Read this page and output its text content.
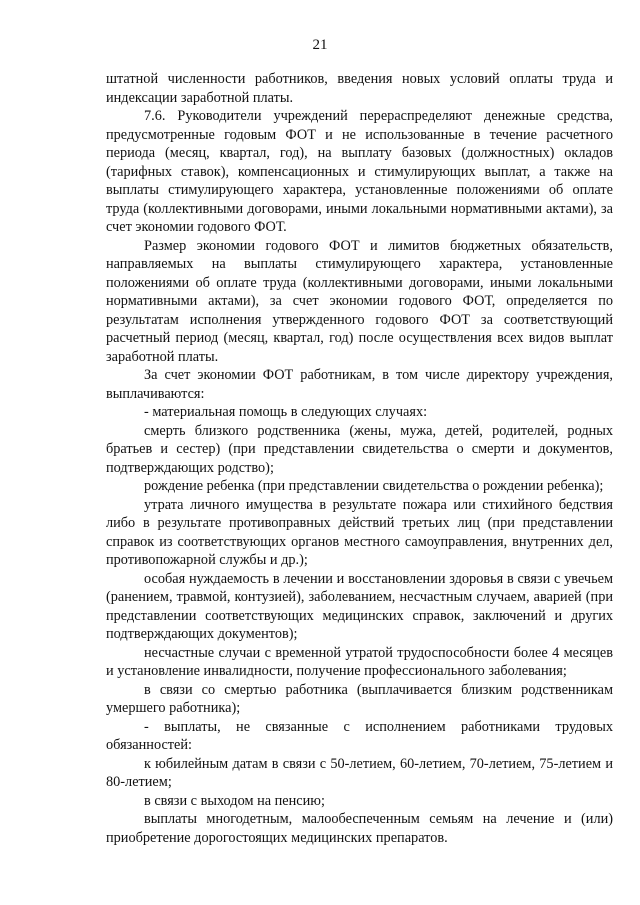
21

штатной численности работников, введения новых условий оплаты труда и индексации заработной платы.

7.6. Руководители учреждений перераспределяют денежные средства, предусмотренные годовым ФОТ и не использованные в течение расчетного периода (месяц, квартал, год), на выплату базовых (должностных) окладов (тарифных ставок), компенсационных и стимулирующих выплат, а также на выплаты стимулирующего характера, установленные положениями об оплате труда (коллективными договорами, иными локальными нормативными актами), за счет экономии годового ФОТ.

Размер экономии годового ФОТ и лимитов бюджетных обязательств, направляемых на выплаты стимулирующего характера, установленные положениями об оплате труда (коллективными договорами, иными локальными нормативными актами), за счет экономии годового ФОТ, определяется по результатам исполнения утвержденного годового ФОТ за соответствующий расчетный период (месяц, квартал, год) после осуществления всех видов выплат заработной платы.

За счет экономии ФОТ работникам, в том числе директору учреждения, выплачиваются:

- материальная помощь в следующих случаях:

смерть близкого родственника (жены, мужа, детей, родителей, родных братьев и сестер) (при представлении свидетельства о смерти и документов, подтверждающих родство);

рождение ребенка (при представлении свидетельства о рождении ребенка);

утрата личного имущества в результате пожара или стихийного бедствия либо в результате противоправных действий третьих лиц (при представлении справок из соответствующих органов местного самоуправления, внутренних дел, противопожарной службы и др.);

особая нуждаемость в лечении и восстановлении здоровья в связи с увечьем (ранением, травмой, контузией), заболеванием, несчастным случаем, аварией (при представлении соответствующих медицинских справок, заключений и других подтверждающих документов);

несчастные случаи с временной утратой трудоспособности более 4 месяцев и установление инвалидности, получение профессионального заболевания;

в связи со смертью работника (выплачивается близким родственникам умершего работника);

- выплаты, не связанные с исполнением работниками трудовых обязанностей:

к юбилейным датам в связи с 50-летием, 60-летием, 70-летием, 75-летием и 80-летием;

в связи с выходом на пенсию;

выплаты многодетным, малообеспеченным семьям на лечение и (или) приобретение дорогостоящих медицинских препаратов.
